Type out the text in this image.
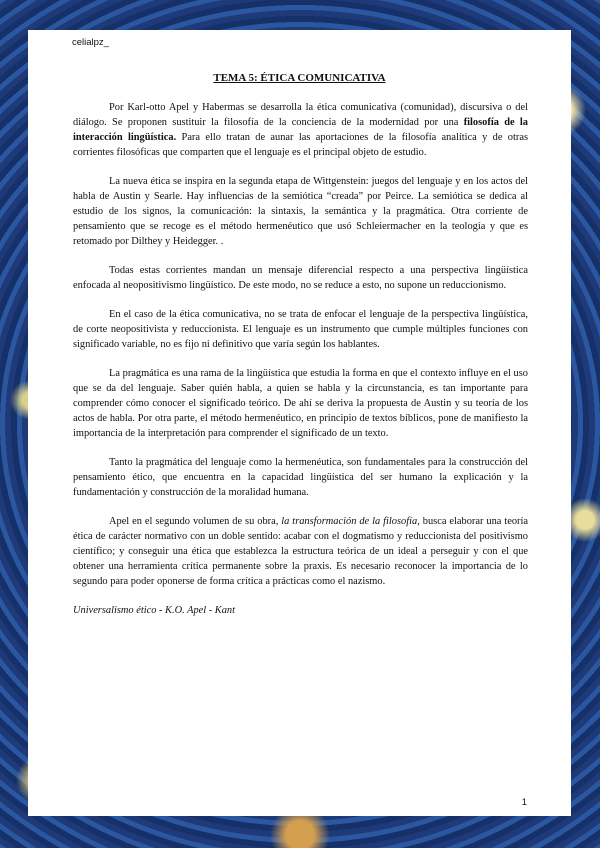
celialpz_
TEMA 5: ÉTICA COMUNICATIVA

Por Karl-otto Apel y Habermas se desarrolla la ética comunicativa (comunidad), discursiva o del diálogo. Se proponen sustituir la filosofía de la conciencia de la modernidad por una filosofía de la interacción lingüística. Para ello tratan de aunar las aportaciones de la filosofía analítica y de otras corrientes filosóficas que comparten que el lenguaje es el principal objeto de estudio.

La nueva ética se inspira en la segunda etapa de Wittgenstein: juegos del lenguaje y en los actos del habla de Austin y Searle. Hay influencias de la semiótica “creada” por Peirce. La semiótica se dedica al estudio de los signos, la comunicación: la sintaxis, la semántica y la pragmática. Otra corriente de pensamiento que se recoge es el método hermenéutico que usó Schleiermacher en la teología y que es retomado por Dilthey y Heidegger. .

Todas estas corrientes mandan un mensaje diferencial respecto a una perspectiva lingüística enfocada al neopositivismo lingüístico. De este modo, no se reduce a esto, no supone un reduccionismo.

En el caso de la ética comunicativa, no se trata de enfocar el lenguaje de la perspectiva lingüística, de corte neopositivista y reduccionista. El lenguaje es un instrumento que cumple múltiples funciones con significado variable, no es fijo ni definitivo que varía según los hablantes.

La pragmática es una rama de la lingüística que estudia la forma en que el contexto influye en el uso que se da del lenguaje. Saber quién habla, a quien se habla y la circunstancia, es tan importante para comprender cómo conocer el significado teórico. De ahí se deriva la propuesta de Austin y su teoría de los actos de habla. Por otra parte, el método hermenéutico, en principio de textos bíblicos, pone de manifiesto la importancia de la interpretación para comprender el significado de un texto.

Tanto la pragmática del lenguaje como la hermenéutica, son fundamentales para la construcción del pensamiento ético, que encuentra en la capacidad lingüística del ser humano la explicación y la fundamentación y construcción de la moralidad humana.

Apel en el segundo volumen de su obra, la transformación de la filosofía, busca elaborar una teoría ética de carácter normativo con un doble sentido: acabar con el dogmatismo y reduccionista del positivismo científico; y conseguir una ética que establezca la estructura teórica de un ideal a perseguir y con el que obtener una herramienta crítica permanente sobre la praxis. Es necesario reconocer la importancia de lo segundo para poder oponerse de forma crítica a prácticas como el nazismo.

Universalismo ético - K.O. Apel - Kant

1
